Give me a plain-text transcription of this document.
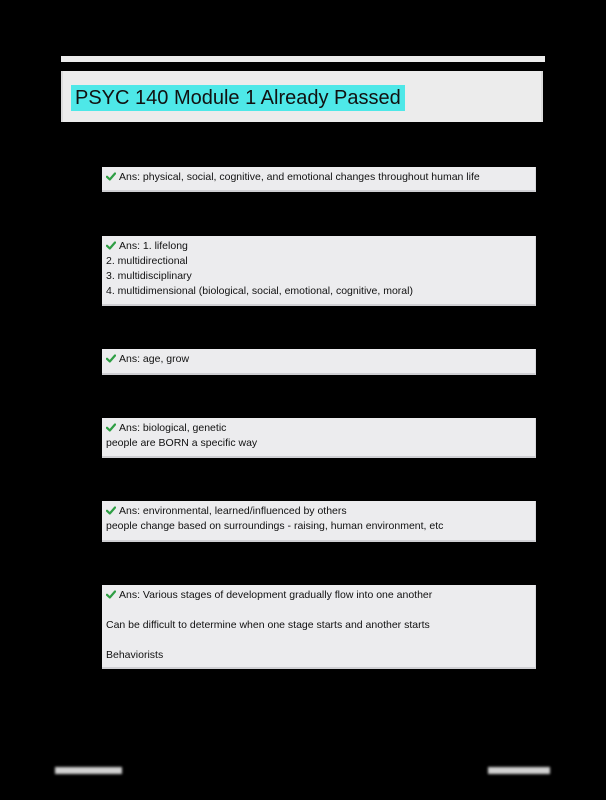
PSYC 140 Module 1 Already Passed
Ans: physical, social, cognitive, and emotional changes throughout human life
Ans: 1. lifelong
2. multidirectional
3. multidisciplinary
4. multidimensional (biological, social, emotional, cognitive, moral)
Ans: age, grow
Ans: biological, genetic
people are BORN a specific way
Ans: environmental, learned/influenced by others
people change based on surroundings - raising, human environment, etc
Ans: Various stages of development gradually flow into one another
Can be difficult to determine when one stage starts and another starts
Behaviorists
